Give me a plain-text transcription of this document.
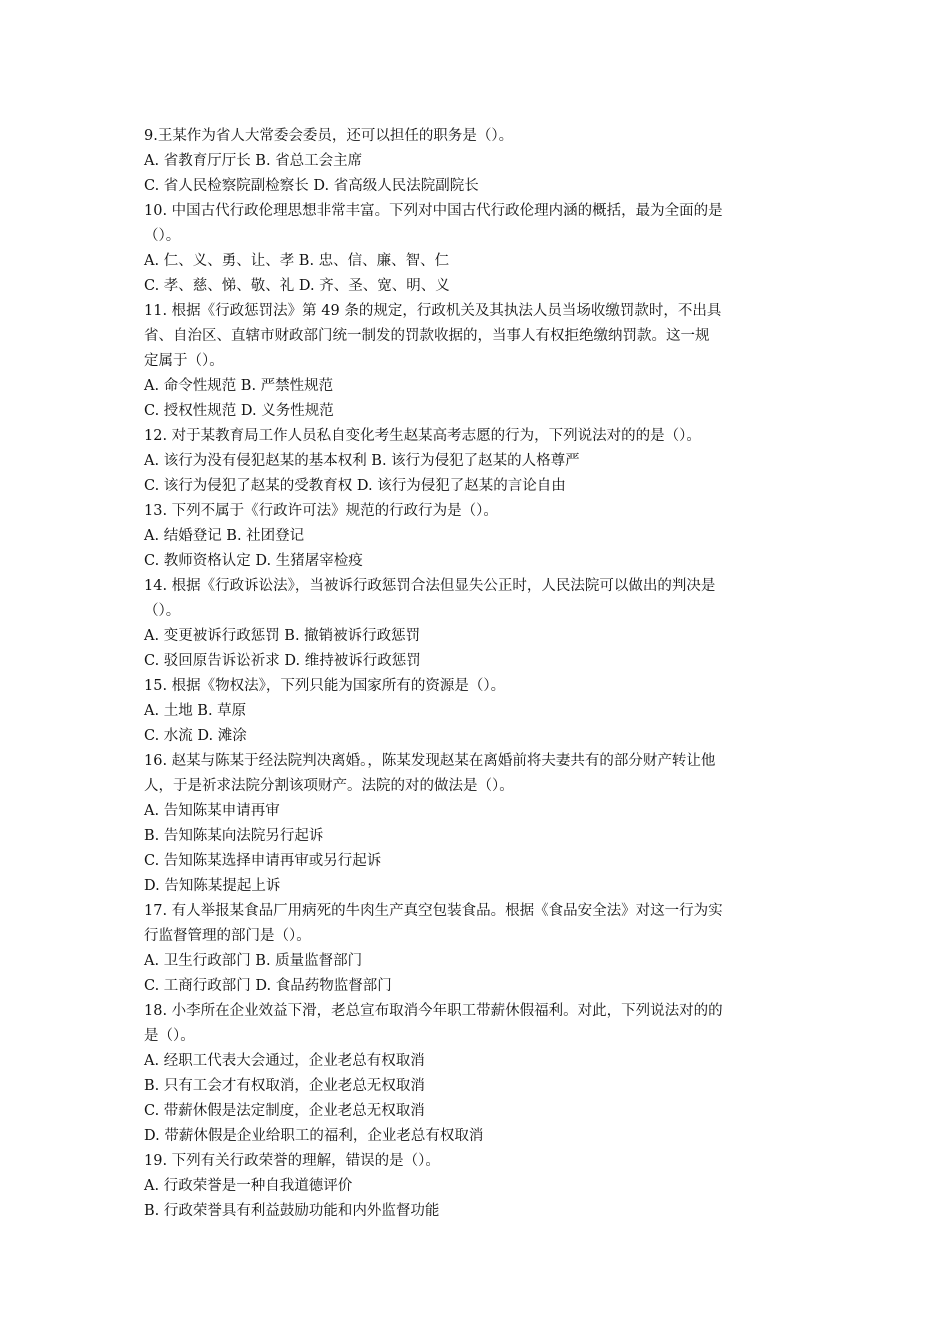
9.王某作为省人大常委会委员，还可以担任的职务是（）。
A. 省教育厅厅长 B. 省总工会主席
C. 省人民检察院副检察长 D. 省高级人民法院副院长
10. 中国古代行政伦理思想非常丰富。下列对中国古代行政伦理内涵的概括，最为全面的是
（）。
A. 仁、义、勇、让、孝 B. 忠、信、廉、智、仁
C. 孝、慈、悌、敬、礼 D. 齐、圣、宽、明、义
11. 根据《行政惩罚法》第 49 条的规定，行政机关及其执法人员当场收缴罚款时，不出具
省、自治区、直辖市财政部门统一制发的罚款收据的，当事人有权拒绝缴纳罚款。这一规
定属于（）。
A. 命令性规范 B. 严禁性规范
C. 授权性规范 D. 义务性规范
12. 对于某教育局工作人员私自变化考生赵某高考志愿的行为，下列说法对的的是（）。
A. 该行为没有侵犯赵某的基本权利 B. 该行为侵犯了赵某的人格尊严
C. 该行为侵犯了赵某的受教育权 D. 该行为侵犯了赵某的言论自由
13. 下列不属于《行政许可法》规范的行政行为是（）。
A. 结婚登记 B. 社团登记
C. 教师资格认定 D. 生猪屠宰检疫
14. 根据《行政诉讼法》，当被诉行政惩罚合法但显失公正时，人民法院可以做出的判决是
（）。
A. 变更被诉行政惩罚 B. 撤销被诉行政惩罚
C. 驳回原告诉讼祈求 D. 维持被诉行政惩罚
15. 根据《物权法》，下列只能为国家所有的资源是（）。
A. 土地 B. 草原
C. 水流 D. 滩涂
16. 赵某与陈某于经法院判决离婚。，陈某发现赵某在离婚前将夫妻共有的部分财产转让他
人，于是祈求法院分割该项财产。法院的对的做法是（）。
A. 告知陈某申请再审
B. 告知陈某向法院另行起诉
C. 告知陈某选择申请再审或另行起诉
D. 告知陈某提起上诉
17. 有人举报某食品厂用病死的牛肉生产真空包装食品。根据《食品安全法》对这一行为实
行监督管理的部门是（）。
A. 卫生行政部门 B. 质量监督部门
C. 工商行政部门 D. 食品药物监督部门
18. 小李所在企业效益下滑，老总宣布取消今年职工带薪休假福利。对此，下列说法对的的
是（）。
A. 经职工代表大会通过，企业老总有权取消
B. 只有工会才有权取消，企业老总无权取消
C. 带薪休假是法定制度，企业老总无权取消
D. 带薪休假是企业给职工的福利，企业老总有权取消
19. 下列有关行政荣誉的理解，错误的是（）。
A. 行政荣誉是一种自我道德评价
B. 行政荣誉具有利益鼓励功能和内外监督功能
